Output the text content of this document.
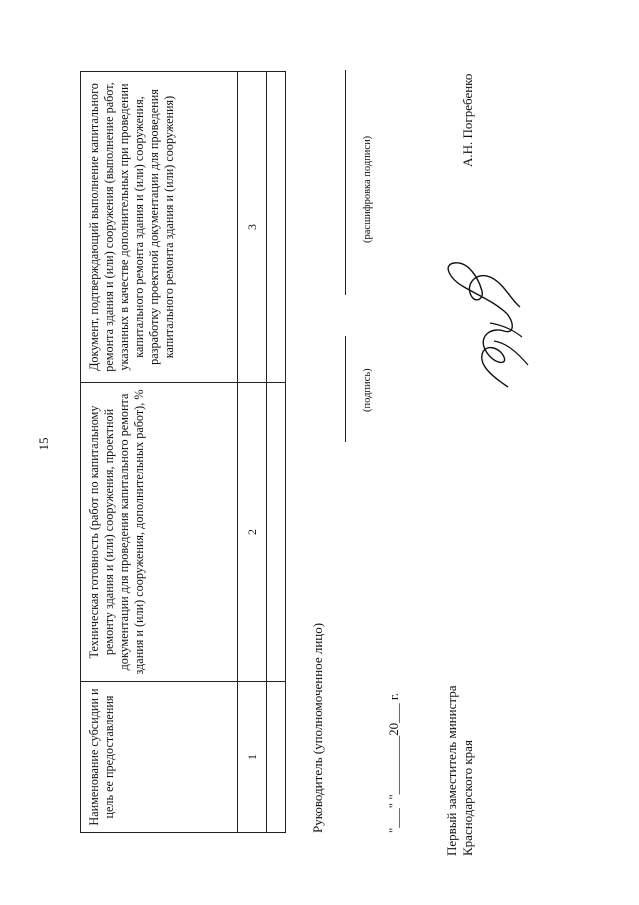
15
Наименование субсидии и цель ее предоставления	Техническая готовность (работ по капитальному ремонту здания и (или) сооружения, проектной документации для проведения капитального ремонта здания и (или) сооружения, дополнительных работ), %	Документ, подтверждающий выполнение капитального ремонта здания и (или) сооружения (выполнение работ, указанных в качестве дополнительных при проведении капитального ремонта здания и (или) сооружения, разработку проектной документации для проведения капитального ремонта здания и (или) сооружения)
1	2	3

Руководитель (уполномоченное лицо)
(подпись)
(расшифровка подписи)
"___" "_________20___ г.	Первый заместитель министра Краснодарского края
А.Н. Погребенко
